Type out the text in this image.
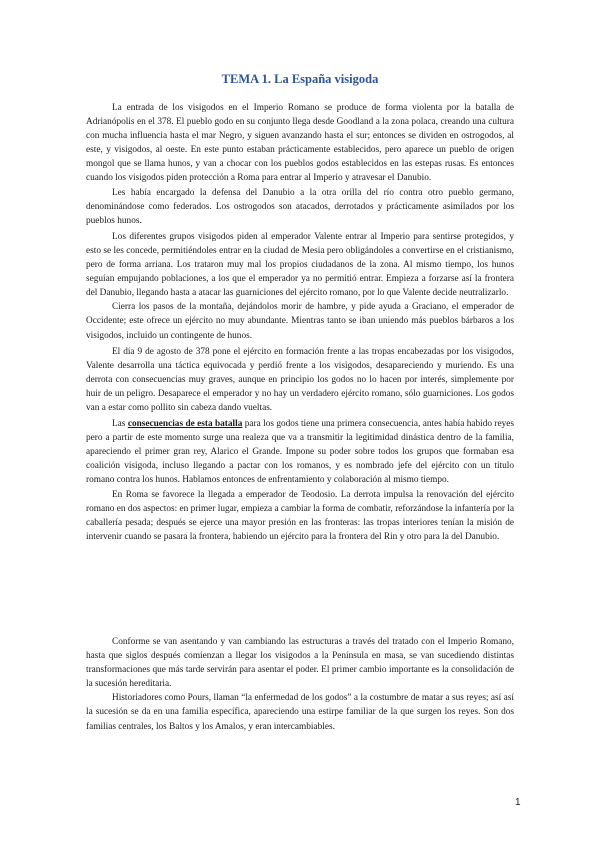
TEMA 1. La España visigoda

La entrada de los visigodos en el Imperio Romano se produce de forma violenta por la batalla de Adrianópolis en el 378. El pueblo godo en su conjunto llega desde Goodland a la zona polaca, creando una cultura con mucha influencia hasta el mar Negro, y siguen avanzando hasta el sur; entonces se dividen en ostrogodos, al este, y visigodos, al oeste. En este punto estaban prácticamente establecidos, pero aparece un pueblo de origen mongol que se llama hunos, y van a chocar con los pueblos godos establecidos en las estepas rusas. Es entonces cuando los visigodos piden protección a Roma para entrar al Imperio y atravesar el Danubio.

Les había encargado la defensa del Danubio a la otra orilla del río contra otro pueblo germano, denominándose como federados. Los ostrogodos son atacados, derrotados y prácticamente asimilados por los pueblos hunos.

Los diferentes grupos visigodos piden al emperador Valente entrar al Imperio para sentirse protegidos, y esto se les concede, permitiéndoles entrar en la ciudad de Mesia pero obligándoles a convertirse en el cristianismo, pero de forma arriana. Los trataron muy mal los propios ciudadanos de la zona. Al mismo tiempo, los hunos seguían empujando poblaciones, a los que el emperador ya no permitió entrar. Empieza a forzarse así la frontera del Danubio, llegando hasta a atacar las guarniciones del ejército romano, por lo que Valente decide neutralizarlo.

Cierra los pasos de la montaña, dejándolos morir de hambre, y pide ayuda a Graciano, el emperador de Occidente; este ofrece un ejército no muy abundante. Mientras tanto se iban uniendo más pueblos bárbaros a los visigodos, incluido un contingente de hunos.

El día 9 de agosto de 378 pone el ejército en formación frente a las tropas encabezadas por los visigodos, Valente desarrolla una táctica equivocada y perdió frente a los visigodos, desapareciendo y muriendo. Es una derrota con consecuencias muy graves, aunque en principio los godos no lo hacen por interés, simplemente por huir de un peligro. Desaparece el emperador y no hay un verdadero ejército romano, sólo guarniciones. Los godos van a estar como pollito sin cabeza dando vueltas.

Las consecuencias de esta batalla para los godos tiene una primera consecuencia, antes había habido reyes pero a partir de este momento surge una realeza que va a transmitir la legitimidad dinástica dentro de la familia, apareciendo el primer gran rey, Alarico el Grande. Impone su poder sobre todos los grupos que formaban esa coalición visigoda, incluso llegando a pactar con los romanos, y es nombrado jefe del ejército con un título romano contra los hunos. Hablamos entonces de enfrentamiento y colaboración al mismo tiempo.

En Roma se favorece la llegada a emperador de Teodosio. La derrota impulsa la renovación del ejército romano en dos aspectos: en primer lugar, empieza a cambiar la forma de combatir, reforzándose la infantería por la caballería pesada; después se ejerce una mayor presión en las fronteras: las tropas interiores tenían la misión de intervenir cuando se pasara la frontera, habiendo un ejército para la frontera del Rin y otro para la del Danubio.

Conforme se van asentando y van cambiando las estructuras a través del tratado con el Imperio Romano, hasta que siglos después comienzan a llegar los visigodos a la Península en masa, se van sucediendo distintas transformaciones que más tarde servirán para asentar el poder. El primer cambio importante es la consolidación de la sucesión hereditaria.

Historiadores como Pours, llaman “la enfermedad de los godos” a la costumbre de matar a sus reyes; así así la sucesión se da en una familia específica, apareciendo una estirpe familiar de la que surgen los reyes. Son dos familias centrales, los Baltos y los Amalos, y eran intercambiables.

1
